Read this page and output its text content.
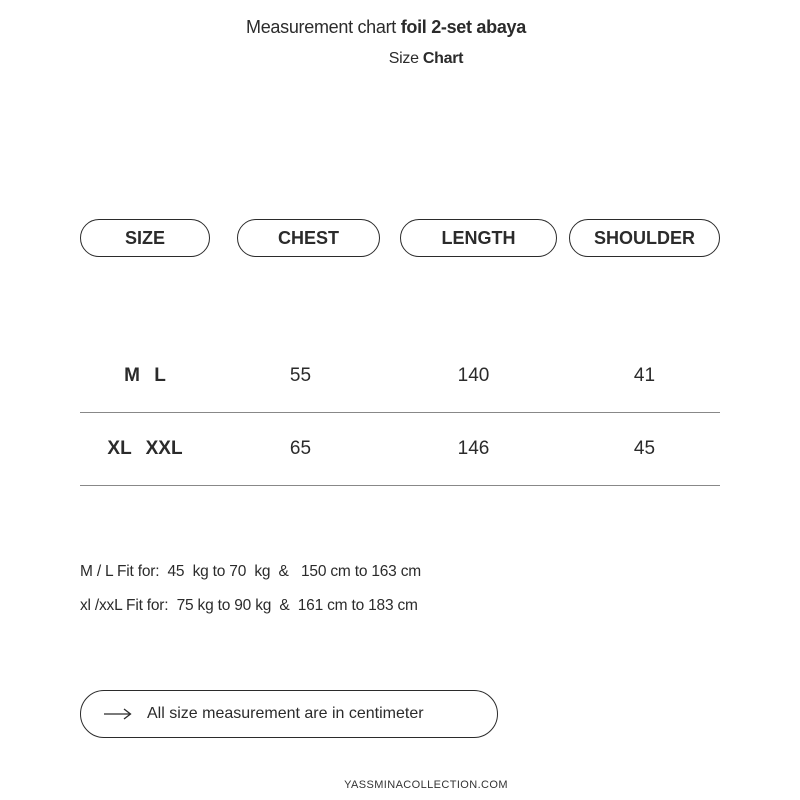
Measurement chart foil 2-set abaya
Size Chart
SIZE	CHEST	LENGTH	SHOULDER
M L	55	140	41
XL XXL	65	146	45
M / L Fit for:  45  kg to 70  kg  &   150 cm to 163 cm
xl /xxL Fit for:  75 kg to 90 kg  &  161 cm to 183 cm
All size measurement are in centimeter
YASSMINACOLLECTION.COM
